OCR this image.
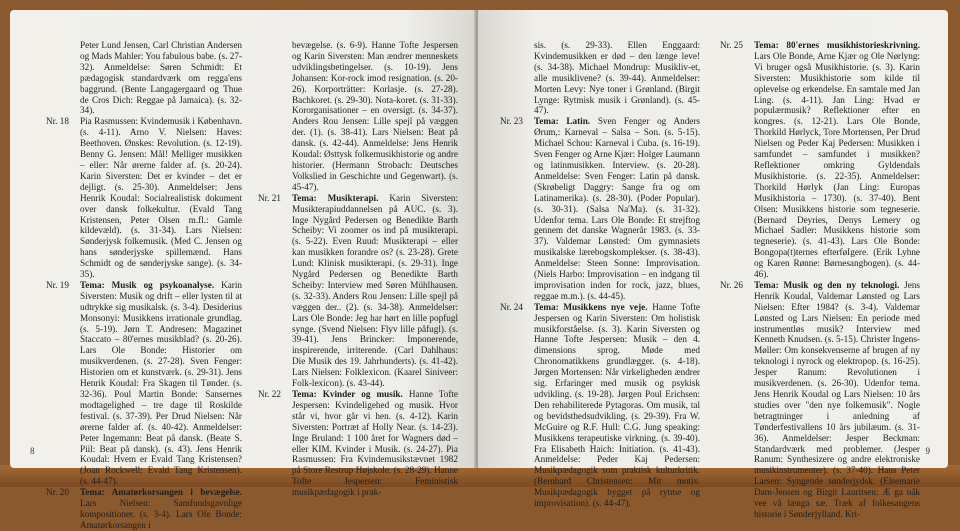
Peter Lund Jensen, Carl Christian Andersen og Mads Mahler: You fabulous babe. (s. 27-32). Anmeldelse: Søren Schmidt: Et pædagogisk standardværk om regga'ens baggrund. (Bente Langagergaard og Thue de Cros Dich: Reggae på Jamaica). (s. 32-34).
Nr. 18	Pia Rasmussen: Kvindemusik i København. (s. 4-11). Arno V. Nielsen: Haves: Beethoven. Ønskes: Revolution. (s. 12-19). Benny G. Jensen: Mål! Melliger musikken – eller: Når ørerne falder af. (s. 20-24). Karin Siversten: Det er kvinder – det er dejligt. (s. 25-30). Anmeldelser: Jens Henrik Koudal: Socialrealistisk dokument over dansk folkekultur. (Evald Tang Kristensen, Peter Olsen m.fl.: Gamle kildevæld). (s. 31-34). Lars Nielsen: Sønderjysk folkemusik. (Med C. Jensen og hans sønderjyske spillemænd. Hans Schmidt og de sønderjyske sange). (s. 34-35).
Nr. 19	Tema: Musik og psykoanalyse. Karin Siversten: Musik og drift – eller lysten til at udtrykke sig musikalsk. (s. 3-4). Desiderius Monsonyi: Musikkens irrationale grundlag. (s. 5-19). Jørn T. Andresen: Magazinet Staccato – 80'ernes musikblad? (s. 20-26). Lars Ole Bonde: Historier om musikverdenen. (s. 27-28). Sven Fenger: Historien om et kunstværk. (s. 29-31). Jens Henrik Koudal: Fra Skagen til Tønder. (s. 32-36). Poul Martin Bonde: Sansernes modtagelighed – tre dage til Roskilde festival. (s. 37-39). Per Drud Nielsen: Når ørerne falder af. (s. 40-42). Anmeldelser: Peter Ingemann: Beat på dansk. (Beate S. Piil: Beat på dansk). (s. 43). Jens Henrik Koudal: Hvem er Evald Tang Kristensen? (Joan Rockwell: Evald Tang Kristensen). (s. 44-47).
Nr. 20	Tema: Amatørkorsangen i bevægelse. Lars Nielsen: Samfundsgavnlige kompositioner. (s. 3-4). Lars Ole Bonde: Amatørkorsangen i
bevægelse. (s. 6-9). Hanne Tofte Jespersen og Karin Siversten: Man ændrer menneskets udviklingsbetingelser. (s. 10-19). Jens Johansen: Kor-rock imod resignation. (s. 20-26). Korporträtter: Korlasje. (s. 27-28). Bachkoret. (s. 29-30). Nota-koret. (s. 31-33). Kororganisationer – en oversigt. (s. 34-37). Anders Rou Jensen: Lille spejl på væggen der. (1). (s. 38-41). Lars Nielsen: Beat på dansk. (s. 42-44). Anmeldelse: Jens Henrik Koudal: Østtysk folkemusikhistorie og andre historier. (Hermann Strobach: Deutsches Volkslied in Geschichte und Gegenwart). (s. 45-47).
Nr. 21	Tema: Musikterapi. Karin Siversten: Musikterapiuddannelsen på AUC. (s. 3). Inge Nygård Pedersen og Benedikte Barth Scheiby: Vi zoomer os ind på musikterapi. (s. 5-22). Even Ruud: Musikterapi – eller kan musikken forandre os? (s. 23-28). Grete Lund: Klinisk musikterapi. (s. 29-31). Inge Nygård Pedersen og Benedikte Barth Scheiby: Interview med Søren Mühlhausen. (s. 32-33). Anders Rou Jensen: Lille spejl på væggen der.. (2). (s. 34-38). Anmeldelser: Lars Ole Bonde: Jeg har hørt en lille popfugl synge. (Svend Nielsen: Flyv lille påfugl). (s. 39-41). Jens Brincker: Imponerende, inspirerende, irriterende. (Carl Dahlhaus: Die Musik des 19. Jahrhunderts). (s. 41-42). Lars Nielsen: Folklexicon. (Kaarel Siniveer: Folk-lexicon). (s. 43-44).
Nr. 22	Tema: Kvinder og musik. Hanne Tofte Jespersen: Kvindeligehed og musik. Hvor står vi, hvor går vi hen. (s. 4-12). Karin Siversten: Portræt af Holly Near. (s. 14-23). Inge Bruland: 1 100 året for Wagners død – eller KIM. Kvinder i Musik. (s. 24-27). Pia Rasmussen: Fra Kvindemusikstævnet 1982 på Store Restrup Højskole. (s. 28-29). Hanne Tofte Jespersen: Feministisk musikpædagogik i prak-
8
sis. (s. 29-33). Ellen Enggaard: Kvindemusikken er død – den længe leve! (s. 34-38). Michael Mondrup: Musikliv-et, alle musiklivene? (s. 39-44). Anmeldelser: Morten Levy: Nye toner i Grønland. (Birgit Lynge: Rytmisk musik i Grønland). (s. 45-47).
Nr. 23	Tema: Latin. Sven Fenger og Anders Ørum,: Karneval – Salsa – Son. (s. 5-15). Michael Schou: Karneval i Cuba. (s. 16-19). Sven Fenger og Arne Kjær: Holger Laumann og latinmusikken. Interview. (s. 20-28). Anmeldelse: Sven Fenger: Latin på dansk. (Skrøbeligt Daggry: Sange fra og om Latinamerika). (s. 28-30). (Poder Popular). (s. 30-31). (Salsa Na'Ma). (s. 31-32). Udenfor tema. Lars Ole Bonde: Et strejftog gennem det danske Wagnerår 1983. (s. 33-37). Valdemar Lønsted: Om gymnasiets musikalske lærebogskomplekser. (s. 38-43). Anmeldelse: Steen Sonne: Improvisation. (Niels Harbo: Improvisation – en indgang til improvisation inden for rock, jazz, blues, reggae m.m.). (s. 44-45).
Nr. 24	Tema: Musikkens nye veje. Hanne Tofte Jespersen og Karin Siversten: Om holistisk musikforståelse. (s. 3). Karin Siversten og Hanne Tofte Jespersen: Musik – den 4. dimensions sprog. Møde med Chronomatikkens grundlægger. (s. 4-18). Jørgen Mortensen: Når virkeligheden ændrer sig. Erfaringer med musik og psykisk udvikling. (s. 19-28). Jørgen Poul Erichsen: Den rehabiliterede Pytagoras. Om musik, tal og bevidsthedsudvikling. (s. 29-39). Fra W. McGuire og R.F. Hull: C.G. Jung speaking: Musikkens terapeutiske virkning. (s. 39-40). Fra Elisabeth Haich: Initiation. (s. 41-43). Anmeldelse: Peder Kaj Pedersen: Musikpædagogik som praktisk kulturkritik. (Bernhard Christensen: Mit motiv. Musikpædagogik bygget på rytme og improvisation). (s. 44-47).
Nr. 25	Tema: 80'ernes musikhistorieskrivning. Lars Ole Bonde, Arne Kjær og Ole Nørlyng: Vi bruger også Musikhistorie. (s. 3). Karin Siversten: Musikhistorie som kilde til oplevelse og erkendelse. En samtale med Jan Ling. (s. 4-11). Jan Ling: Hvad er populærmusik? Reflektioner efter en kongres. (s. 12-21). Lars Ole Bonde, Thorkild Hørlyck, Tore Mortensen, Per Drud Nielsen og Peder Kaj Pedersen: Musikken i samfundet – samfundet i musikken? Reflektioner omkring Gyldendals Musikhistorie. (s. 22-35). Anmeldelser: Thorkild Hørlyk (Jan Ling: Europas Musikhistoria – 1730). (s. 37-40). Bent Olsen: Musikkens historie som tegneserie. (Bernard Deyries, Denys Lemery og Michael Sadler: Musikkens historie som tegneserie). (s. 41-43). Lars Ole Bonde: Bongopa(t)ternes efterføIgere. (Erik Lyhne og Karen Rønne: Børnesangbogen). (s. 44-46).
Nr. 26	Tema: Musik og den ny teknologi. Jens Henrik Koudal, Valdemar Lønsted og Lars Nielsen: Efter 1984? (s. 3-4). Valdemar Lønsted og Lars Nielsen: En periode med instrumentløs musik? Interview med Kenneth Knudsen. (s. 5-15). Christer Ingens-Møller: Om konsekvenserne af brugen af ny teknologi i nyrock og elektropop. (s. 16-25). Jesper Ranum: Revolutionen i musikverdenen. (s. 26-30). Udenfor tema. Jens Henrik Koudal og Lars Nielsen: 10 års studies over "den nye folkemusik". Nogle betragtninger i anledning af Tønderfestivallens 10 års jubilæum. (s. 31-36). Anmeldelser: Jesper Beckman: Standardværk med problemer. (Jesper Ranum: Synthesizere og andre elektroniske musikinstrumenter). (s. 37-40). Hans Peter Larsen: Syngende sønderjydsk. (Elsemarie Dam-Jensen og Birgit Lauritsen: Æ ga nåk vee vå længa sæ. Træk af folkesangens historie i Sønderjylland. Kri-
9
